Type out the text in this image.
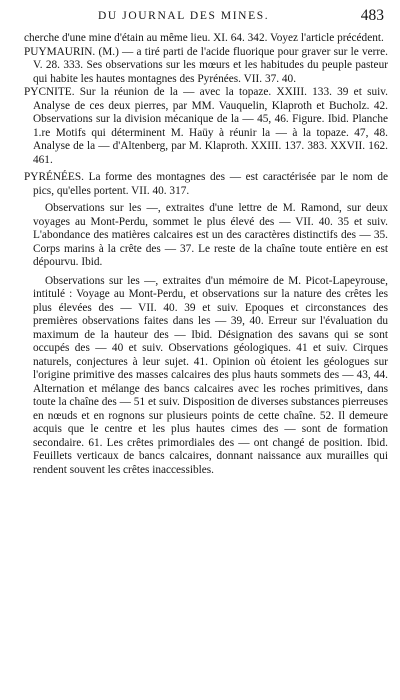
DU JOURNAL DES MINES.	483

cherche d'une mine d'étain au même lieu. XI. 64. 342. Voyez l'article précédent.

PUYMAURIN. (M.) — a tiré parti de l'acide fluorique pour graver sur le verre. V. 28. 333. Ses observations sur les mœurs et les habitudes du peuple pasteur qui habite les hautes montagnes des Pyrénées. VII. 37. 40.

PYCNITE. Sur la réunion de la — avec la topaze. XXIII. 133. 39 et suiv. Analyse de ces deux pierres, par MM. Vauquelin, Klaproth et Bucholz. 42. Observations sur la division mécanique de la — 45, 46. Figure. Ibid. Planche 1.re Motifs qui déterminent M. Haüy à réunir la — à la topaze. 47, 48. Analyse de la — d'Altenberg, par M. Klaproth. XXIII. 137. 383. XXVII. 162. 461.

PYRÉNÉES. La forme des montagnes des — est caractérisée par le nom de pics, qu'elles portent. VII. 40. 317.

Observations sur les —, extraites d'une lettre de M. Ramond, sur deux voyages au Mont-Perdu, sommet le plus élevé des — VII. 40. 35 et suiv. L'abondance des matières calcaires est un des caractères distinctifs des — 35. Corps marins à la crête des — 37. Le reste de la chaîne toute entière en est dépourvu. Ibid.

Observations sur les —, extraites d'un mémoire de M. Picot-Lapeyrouse, intitulé : Voyage au Mont-Perdu, et observations sur la nature des crêtes les plus élevées des — VII. 40. 39 et suiv. Epoques et circonstances des premières observations faites dans les — 39, 40. Erreur sur l'évaluation du maximum de la hauteur des — Ibid. Désignation des savans qui se sont occupés des — 40 et suiv. Observations géologiques. 41 et suiv. Cirques naturels, conjectures à leur sujet. 41. Opinion où étoient les géologues sur l'origine primitive des masses calcaires des plus hauts sommets des — 43, 44. Alternation et mélange des bancs calcaires avec les roches primitives, dans toute la chaîne des — 51 et suiv. Disposition de diverses substances pierreuses en nœuds et en rognons sur plusieurs points de cette chaîne. 52. Il demeure acquis que le centre et les plus hautes cimes des — sont de formation secondaire. 61. Les crêtes primordiales des — ont changé de position. Ibid. Feuillets verticaux de bancs calcaires, donnant naissance aux murailles qui rendent souvent les crêtes inaccessibles.
